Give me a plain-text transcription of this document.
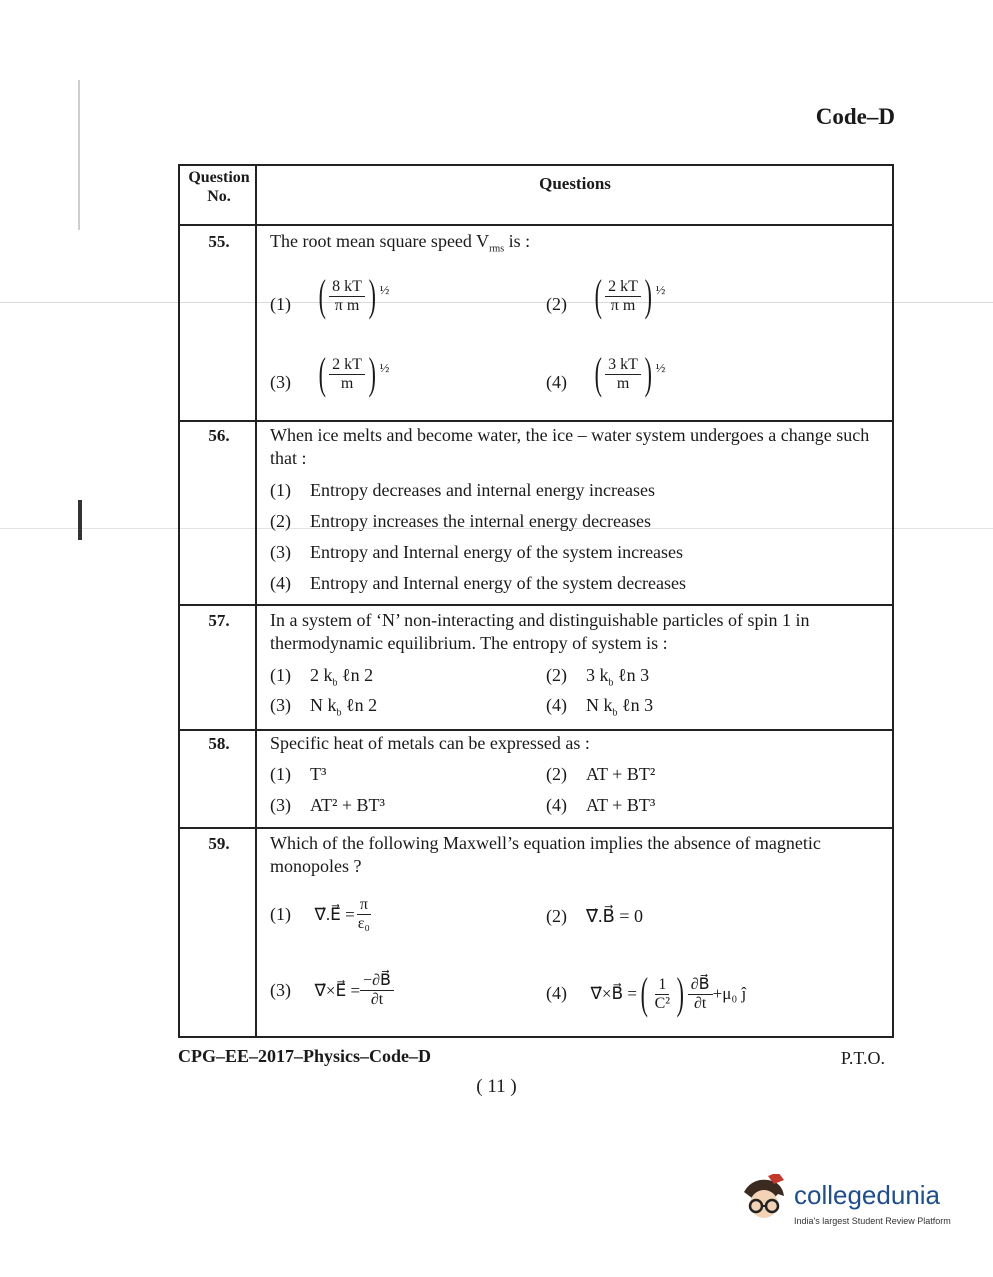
Code–D
Question No.
Questions
55.	The root mean square speed $V_{rms}$ is :
(1) ( 8 kT
π m ) ½
(2) ( 2 kT
π m ) ½
(3) ( 2 kT
m ) ½
(4) ( 3 kT
m ) ½
56.	When ice melts and become water, the ice – water system undergoes a change such that :
(1) Entropy decreases and internal energy increases
(2) Entropy increases the internal energy decreases
(3) Entropy and Internal energy of the system increases
(4) Entropy and Internal energy of the system decreases
57.	In a system of ‘N’ non-interacting and distinguishable particles of spin 1 in thermodynamic equilibrium. The entropy of system is :
(1) 2 $k_b$ ℓn 2	(2) 3 $k_b$ ℓn 3
(3) N $k_b$ ℓn 2	(4) N $k_b$ ℓn 3
58.	Specific heat of metals can be expressed as :
(1) T³	(2) AT + BT²
(3) AT² + BT³	(4) AT + BT³
59.	Which of the following Maxwell’s equation implies the absence of magnetic monopoles ?
(1) ∇⃗.E⃗ = $\frac{\pi}{\text{ε₀}}$	(2) ∇⃗.B⃗ = 0
(3) ∇⃗×E⃗ = $\frac{-\partial B⃗}{\partial t}$	(4) ∇⃗×B⃗ = ( 1
C² ) ∂B⃗
∂t +μ₀ ĵ
CPG–EE–2017–Physics–Code–D	P.T.O.
( 11 )
collegedunia
India's largest Student Review Platform
